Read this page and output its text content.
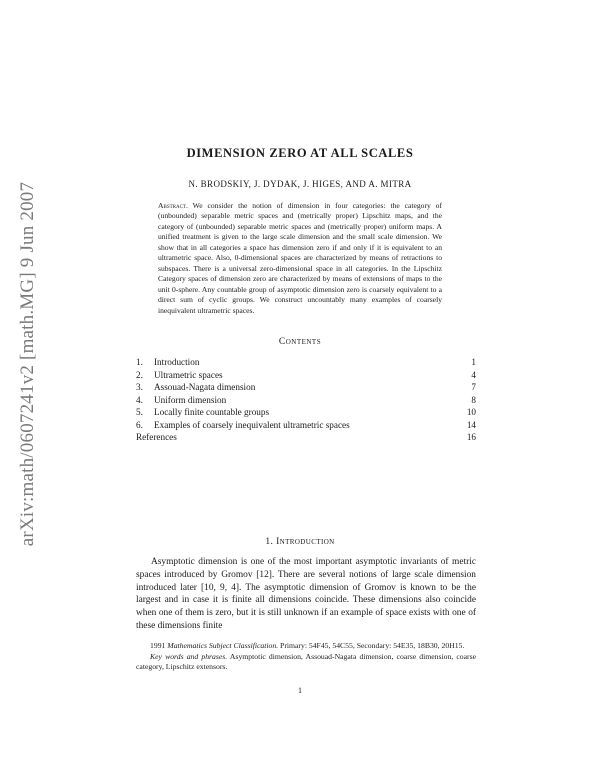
arXiv:math/0607241v2 [math.MG] 9 Jun 2007
DIMENSION ZERO AT ALL SCALES
N. BRODSKIY, J. DYDAK, J. HIGES, AND A. MITRA

Abstract. We consider the notion of dimension in four categories: the category of (unbounded) separable metric spaces and (metrically proper) Lipschitz maps, and the category of (unbounded) separable metric spaces and (metrically proper) uniform maps. A unified treatment is given to the large scale dimension and the small scale dimension. We show that in all categories a space has dimension zero if and only if it is equivalent to an ultrametric space. Also, 0-dimensional spaces are characterized by means of retractions to subspaces. There is a universal zero-dimensional space in all categories. In the Lipschitz Category spaces of dimension zero are characterized by means of extensions of maps to the unit 0-sphere. Any countable group of asymptotic dimension zero is coarsely equivalent to a direct sum of cyclic groups. We construct uncountably many examples of coarsely inequivalent ultrametric spaces.

Contents
1. Introduction	1
2. Ultrametric spaces	4
3. Assouad-Nagata dimension	7
4. Uniform dimension	8
5. Locally finite countable groups	10
6. Examples of coarsely inequivalent ultrametric spaces	14
References	16
1. Introduction

Asymptotic dimension is one of the most important asymptotic invariants of metric spaces introduced by Gromov [12]. There are several notions of large scale dimension introduced later [10, 9, 4]. The asymptotic dimension of Gromov is known to be the largest and in case it is finite all dimensions coincide. These dimensions also coincide when one of them is zero, but it is still unknown if an example of space exists with one of these dimensions finite

1991 Mathematics Subject Classification. Primary: 54F45, 54C55, Secondary: 54E35, 18B30, 20H15.

Key words and phrases. Asymptotic dimension, Assouad-Nagata dimension, coarse dimension, coarse category, Lipschitz extensors.

1
